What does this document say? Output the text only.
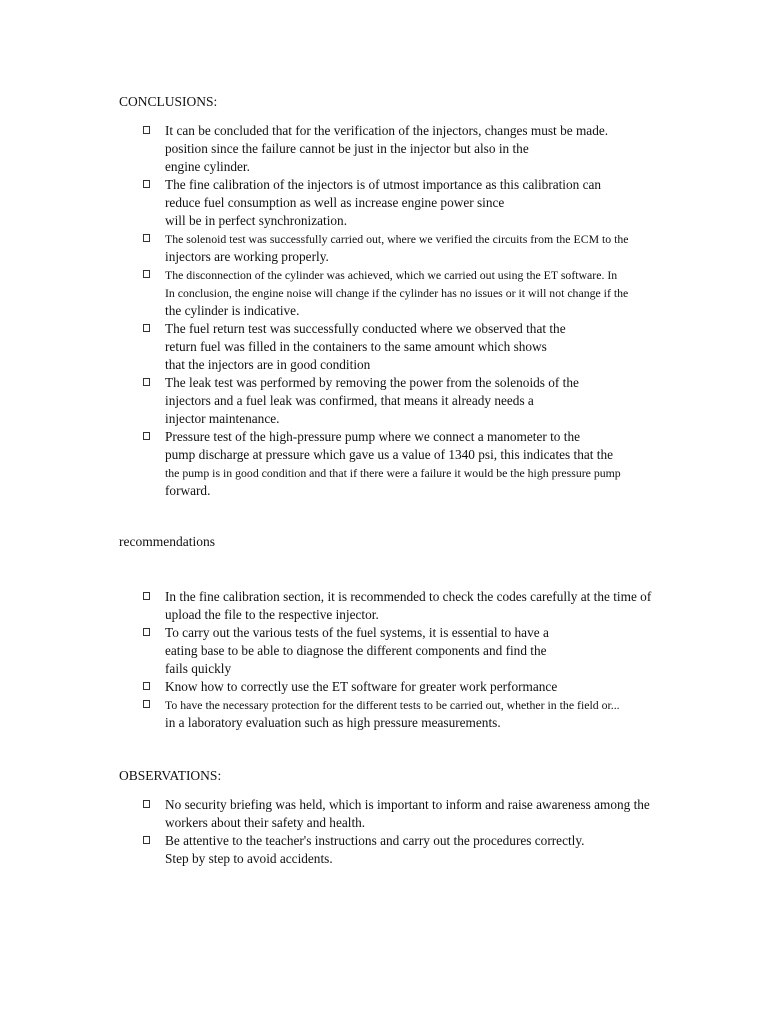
CONCLUSIONS:
It can be concluded that for the verification of the injectors, changes must be made.
position since the failure cannot be just in the injector but also in the
engine cylinder.
The fine calibration of the injectors is of utmost importance as this calibration can
reduce fuel consumption as well as increase engine power since
will be in perfect synchronization.
The solenoid test was successfully carried out, where we verified the circuits from the ECM to the
injectors are working properly.
The disconnection of the cylinder was achieved, which we carried out using the ET software. In
In conclusion, the engine noise will change if the cylinder has no issues or it will not change if the
the cylinder is indicative.
The fuel return test was successfully conducted where we observed that the
return fuel was filled in the containers to the same amount which shows
that the injectors are in good condition
The leak test was performed by removing the power from the solenoids of the
injectors and a fuel leak was confirmed, that means it already needs a
injector maintenance.
Pressure test of the high-pressure pump where we connect a manometer to the
pump discharge at pressure which gave us a value of 1340 psi, this indicates that the
the pump is in good condition and that if there were a failure it would be the high pressure pump
forward.
recommendations
In the fine calibration section, it is recommended to check the codes carefully at the time of
upload the file to the respective injector.
To carry out the various tests of the fuel systems, it is essential to have a
eating base to be able to diagnose the different components and find the
fails quickly
Know how to correctly use the ET software for greater work performance
To have the necessary protection for the different tests to be carried out, whether in the field or...
in a laboratory evaluation such as high pressure measurements.
OBSERVATIONS:
No security briefing was held, which is important to inform and raise awareness among the
workers about their safety and health.
Be attentive to the teacher's instructions and carry out the procedures correctly.
Step by step to avoid accidents.
